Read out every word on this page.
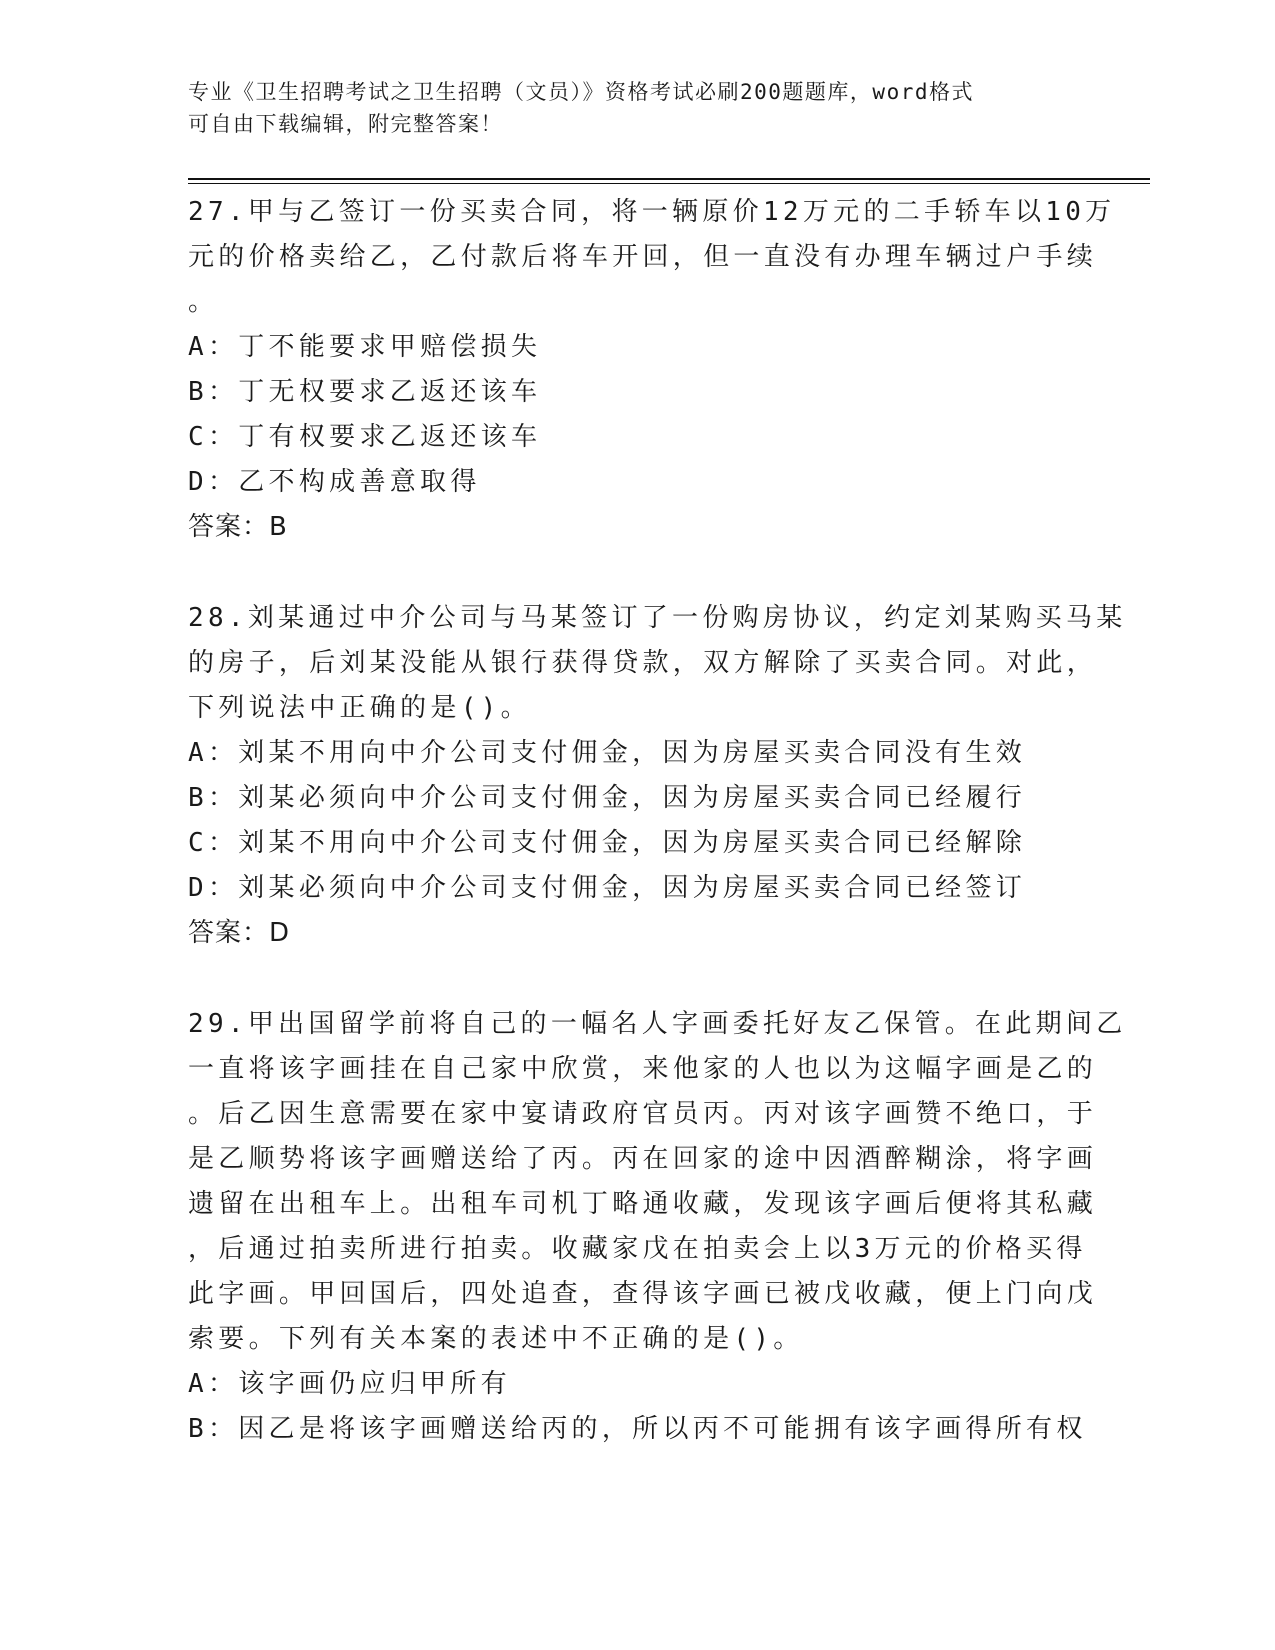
专业《卫生招聘考试之卫生招聘（文员）》资格考试必刷200题题库，word格式
可自由下载编辑，附完整答案！
27.甲与乙签订一份买卖合同，将一辆原价12万元的二手轿车以10万
元的价格卖给乙，乙付款后将车开回，但一直没有办理车辆过户手续
。
A：丁不能要求甲赔偿损失
B：丁无权要求乙返还该车
C：丁有权要求乙返还该车
D：乙不构成善意取得
答案：B
28.刘某通过中介公司与马某签订了一份购房协议，约定刘某购买马某
的房子，后刘某没能从银行获得贷款，双方解除了买卖合同。对此，
下列说法中正确的是()。
A：刘某不用向中介公司支付佣金，因为房屋买卖合同没有生效
B：刘某必须向中介公司支付佣金，因为房屋买卖合同已经履行
C：刘某不用向中介公司支付佣金，因为房屋买卖合同已经解除
D：刘某必须向中介公司支付佣金，因为房屋买卖合同已经签订
答案：D
29.甲出国留学前将自己的一幅名人字画委托好友乙保管。在此期间乙
一直将该字画挂在自己家中欣赏，来他家的人也以为这幅字画是乙的
。后乙因生意需要在家中宴请政府官员丙。丙对该字画赞不绝口，于
是乙顺势将该字画赠送给了丙。丙在回家的途中因酒醉糊涂，将字画
遗留在出租车上。出租车司机丁略通收藏，发现该字画后便将其私藏
，后通过拍卖所进行拍卖。收藏家戊在拍卖会上以3万元的价格买得
此字画。甲回国后，四处追查，查得该字画已被戊收藏，便上门向戊
索要。下列有关本案的表述中不正确的是()。
A：该字画仍应归甲所有
B：因乙是将该字画赠送给丙的，所以丙不可能拥有该字画得所有权
